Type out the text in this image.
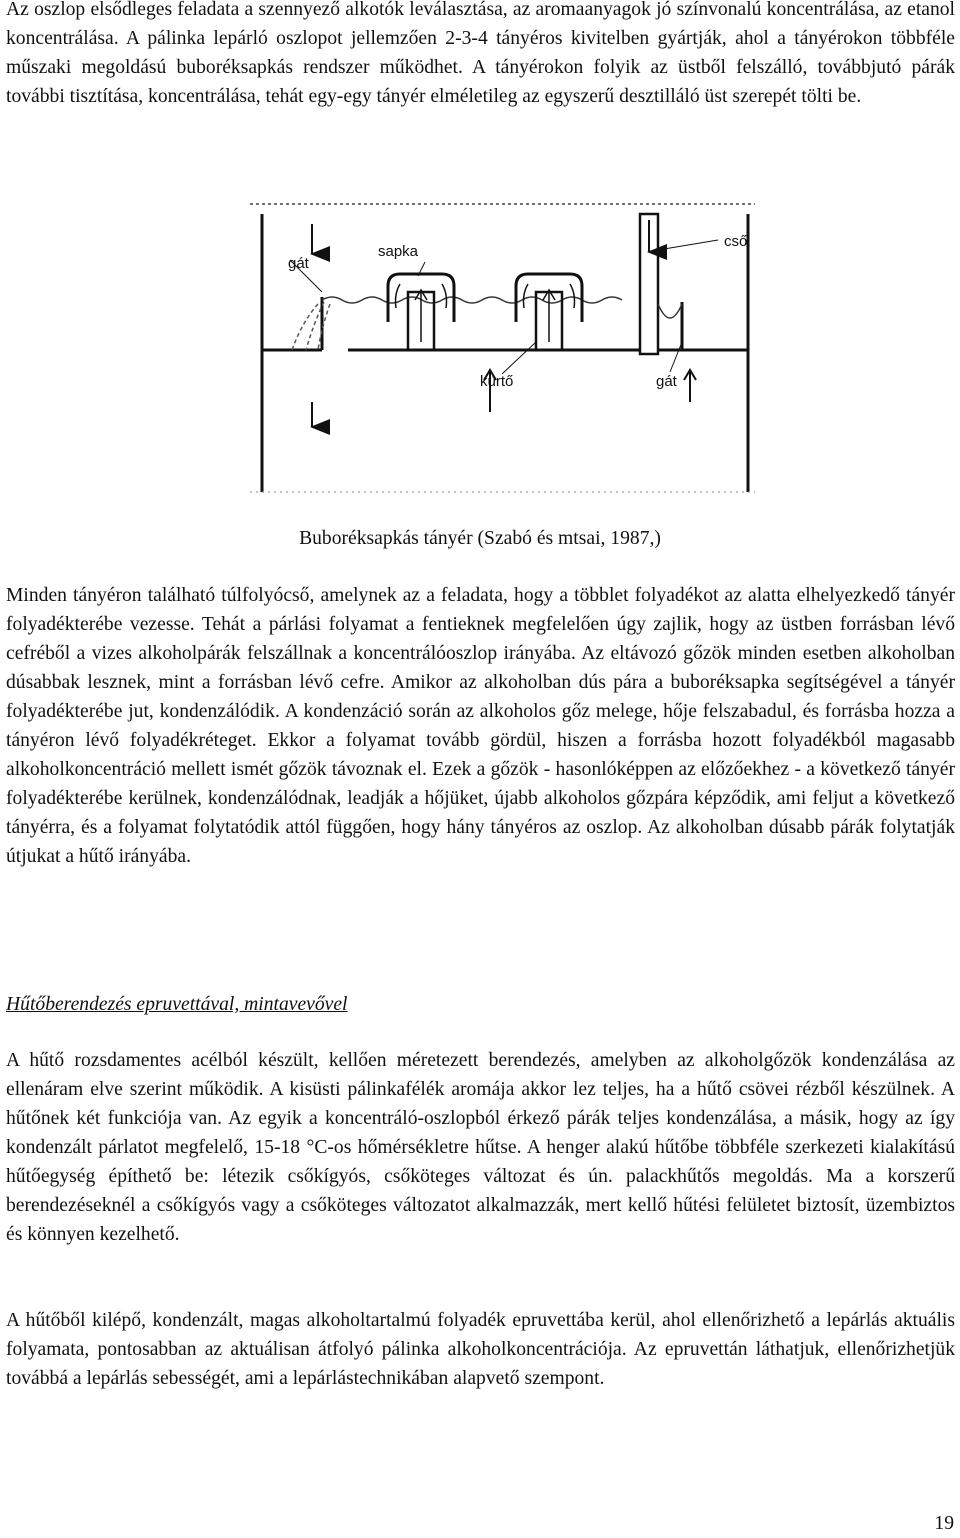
Az oszlop elsődleges feladata a szennyező alkotók leválasztása, az aromaanyagok jó színvonalú koncentrálása, az etanol koncentrálása. A pálinka lepárló oszlopot jellemzően 2-3-4 tányéros kivitelben gyártják, ahol a tányérokon többféle műszaki megoldású buboréksapkás rendszer működhet. A tányérokon folyik az üstből felszálló, továbbjutó párák további tisztítása, koncentrálása, tehát egy-egy tányér elméletileg az egyszerű desztilláló üst szerepét tölti be.

sapka
gát
cső
kürtő	gát

Buboréksapkás tányér (Szabó és mtsai, 1987,)

Minden tányéron található túlfolyócső, amelynek az a feladata, hogy a többlet folyadékot az alatta elhelyezkedő tányér folyadékterébe vezesse. Tehát a párlási folyamat a fentieknek megfelelően úgy zajlik, hogy az üstben forrásban lévő cefréből a vizes alkoholpárák felszállnak a koncentrálóoszlop irányába. Az eltávozó gőzök minden esetben alkoholban dúsabbak lesznek, mint a forrásban lévő cefre. Amikor az alkoholban dús pára a buboréksapka segítségével a tányér folyadékterébe jut, kondenzálódik. A kondenzáció során az alkoholos gőz melege, hője felszabadul, és forrásba hozza a tányéron lévő folyadékréteget. Ekkor a folyamat tovább gördül, hiszen a forrásba hozott folyadékból magasabb alkoholkoncentráció mellett ismét gőzök távoznak el. Ezek a gőzök - hasonlóképpen az előzőekhez - a következő tányér folyadékterébe kerülnek, kondenzálódnak, leadják a hőjüket, újabb alkoholos gőzpára képződik, ami feljut a következő tányérra, és a folyamat folytatódik attól függően, hogy hány tányéros az oszlop. Az alkoholban dúsabb párák folytatják útjukat a hűtő irányába.

Hűtőberendezés epruvettával, mintavevővel

A hűtő rozsdamentes acélból készült, kellően méretezett berendezés, amelyben az alkoholgőzök kondenzálása az ellenáram elve szerint működik. A kisüsti pálinkafélék aromája akkor lez teljes, ha a hűtő csövei rézből készülnek. A hűtőnek két funkciója van. Az egyik a koncentráló-oszlopból érkező párák teljes kondenzálása, a másik, hogy az így kondenzált párlatot megfelelő, 15-18 °C-os hőmérsékletre hűtse. A henger alakú hűtőbe többféle szerkezeti kialakítású hűtőegység építhető be: létezik csőkígyós, csőköteges változat és ún. palackhűtős megoldás. Ma a korszerű berendezéseknél a csőkígyós vagy a csőköteges változatot alkalmazzák, mert kellő hűtési felületet biztosít, üzembiztos és könnyen kezelhető.

A hűtőből kilépő, kondenzált, magas alkoholtartalmú folyadék epruvettába kerül, ahol ellenőrizhető a lepárlás aktuális folyamata, pontosabban az aktuálisan átfolyó pálinka alkoholkoncentrációja. Az epruvettán láthatjuk, ellenőrizhetjük továbbá a lepárlás sebességét, ami a lepárlástechnikában alapvető szempont.

19
